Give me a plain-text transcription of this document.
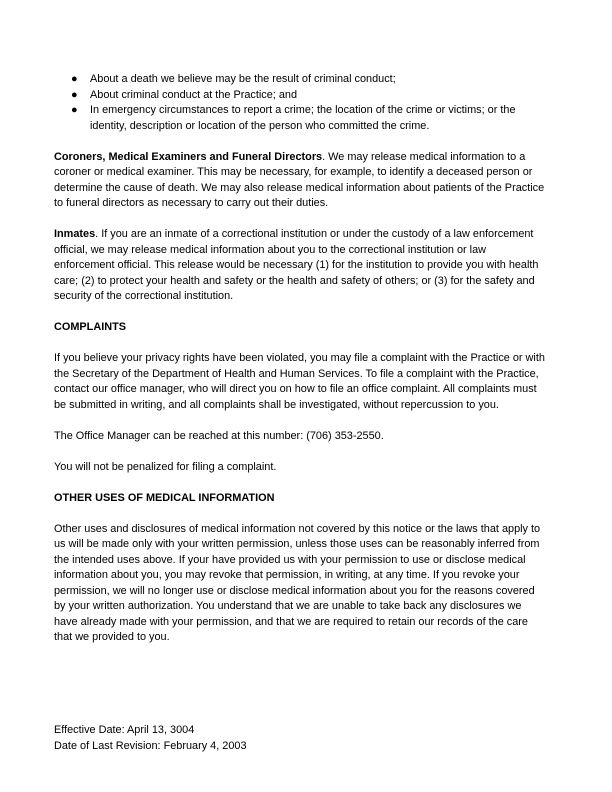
● About a death we believe may be the result of criminal conduct;
● About criminal conduct at the Practice; and
● In emergency circumstances to report a crime; the location of the crime or victims; or the identity, description or location of the person who committed the crime.

Coroners, Medical Examiners and Funeral Directors. We may release medical information to a coroner or medical examiner. This may be necessary, for example, to identify a deceased person or determine the cause of death. We may also release medical information about patients of the Practice to funeral directors as necessary to carry out their duties.

Inmates. If you are an inmate of a correctional institution or under the custody of a law enforcement official, we may release medical information about you to the correctional institution or law enforcement official. This release would be necessary (1) for the institution to provide you with health care; (2) to protect your health and safety or the health and safety of others; or (3) for the safety and security of the correctional institution.

COMPLAINTS

If you believe your privacy rights have been violated, you may file a complaint with the Practice or with the Secretary of the Department of Health and Human Services. To file a complaint with the Practice, contact our office manager, who will direct you on how to file an office complaint. All complaints must be submitted in writing, and all complaints shall be investigated, without repercussion to you.

The Office Manager can be reached at this number: (706) 353-2550.

You will not be penalized for filing a complaint.

OTHER USES OF MEDICAL INFORMATION

Other uses and disclosures of medical information not covered by this notice or the laws that apply to us will be made only with your written permission, unless those uses can be reasonably inferred from the intended uses above. If your have provided us with your permission to use or disclose medical information about you, you may revoke that permission, in writing, at any time. If you revoke your permission, we will no longer use or disclose medical information about you for the reasons covered by your written authorization. You understand that we are unable to take back any disclosures we have already made with your permission, and that we are required to retain our records of the care that we provided to you.

Effective Date: April 13, 3004

Date of Last Revision: February 4, 2003
